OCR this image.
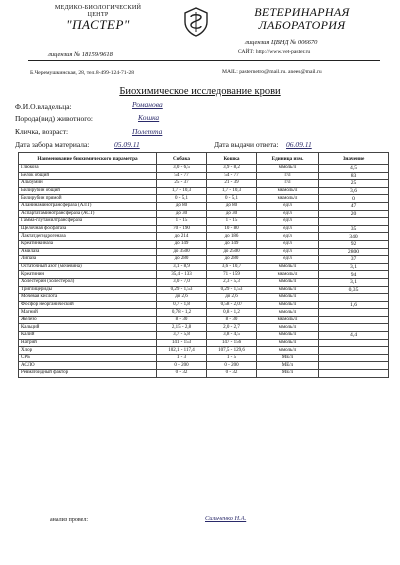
МЕДИКО-БИОЛОГИЧЕСКИЙ
ЦЕНТР
"ПАСТЕР"
ВЕТЕРИНАРНАЯ
ЛАБОРАТОРИЯ
лицензия № 18159/9618
лицензия ЦВНД № 006670
САЙТ: http://www.vet-paster.ru
Б.Черемушкинская, 28, тел.8-499-124-71-28	MAIL: pasternetro@mail.ru. anees@mail.ru
Биохимическое исследование крови
Ф.И.О.владельца:	Романова
Порода(вид) животного:	Кошка
Кличка, возраст:	Полетта
Дата забора материала:	05.09.11	Дата выдачи ответа: 06.09.11
Наименование биохимического параметра	Собака	Кошка	Единица изм.	Значение
Глюкоза	3,0 - 6,5	3,9 - 8,2	ммоль/л	4,5
Белок общий	54 - 77	54 - 77	г/л	83
Альбумин	25 - 37	21 - 39	г/л	25
Билирубин общий	1,7 - 10,3	1,7 - 10,3	мкмоль/л	3,6
Билирубин прямой	0 - 5,1	0 - 5,1	мкмоль/л	0
Аланинаминотрансфераза (АЛТ)	до 80	до 80	ед/л	47
Аспартатаминотрансфераза (АСТ)	до 30	до 30	ед/л	20
Гамма-глутамилтрансфераза	1 - 15	1 - 15	ед/л	
Щелочная фосфатаза	70 - 190	10 - 80	ед/л	35
Лактатдегидрогеназа	до 214	до 186	ед/л	340
Креатинкиназа	до 149	до 149	ед/л	92
Амилаза	до 3500	до 2500	ед/л	2800
Липаза	до 280	до 280	ед/л	37
Остаточный азот (мочевина)	3,1 - 8,9	3,6 - 10,7	ммоль/л	3,1
Креатинин	35,4 - 133	71 - 159	мкмоль/л	94
Холестерин (холестерол)	3,0 - 7,0	2,3 - 5,3	ммоль/л	3,1
Триглицериды	0,29 - 1,53	0,29 - 1,53	ммоль/л	0,35
Мочевая кислота	до 2,6	до 2,6	ммоль/л	
Фосфор неорганический	0,7 - 1,8	0,58 - 2,07	ммоль/л	1,6
Магний	0,78 - 1,2	0,8 - 1,2	ммоль/л	
Железо	8 - 30	8 - 30	мкмоль/л	
Кальций	2,15 - 2,8	2,0 - 2,7	ммоль/л	
Калий	3,7 - 5,8	3,8 - 4,5	ммоль/л	4,4
Натрий	141 - 153	147 - 156	ммоль/л	
Хлор	102,1 - 117,4	107,5 - 129,6	ммоль/л	
СРБ	1 - 3	1 - 5	МЕ/л	
АСЛО	0 - 200	0 - 200	МЕ/л	
Ревматоидный фактор	0 - 32	0 - 32	МЕ/л	
анализ провел:	Сильченко Н.А.
